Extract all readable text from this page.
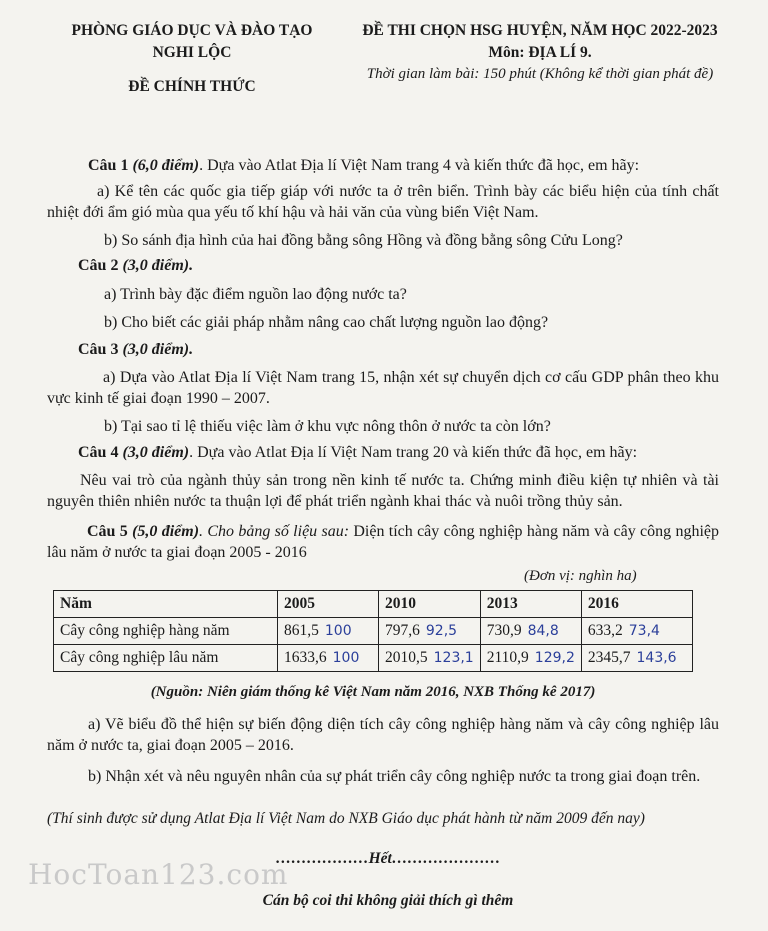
PHÒNG GIÁO DỤC VÀ ĐÀO TẠO
NGHI LỘC
ĐỀ CHÍNH THỨC
ĐỀ THI CHỌN HSG HUYỆN, NĂM HỌC 2022-2023
Môn: ĐỊA LÍ 9.
Thời gian làm bài: 150 phút (Không kể thời gian phát đề)
Câu 1 (6,0 điểm). Dựa vào Atlat Địa lí Việt Nam trang 4 và kiến thức đã học, em hãy:
a) Kể tên các quốc gia tiếp giáp với nước ta ở trên biển. Trình bày các biểu hiện của tính chất nhiệt đới ẩm gió mùa qua yếu tố khí hậu và hải văn của vùng biển Việt Nam.
b) So sánh địa hình của hai đồng bằng sông Hồng và đồng bằng sông Cửu Long?
Câu 2 (3,0 điểm).
a) Trình bày đặc điểm nguồn lao động nước ta?
b) Cho biết các giải pháp nhằm nâng cao chất lượng nguồn lao động?
Câu 3 (3,0 điểm).
a) Dựa vào Atlat Địa lí Việt Nam trang 15, nhận xét sự chuyển dịch cơ cấu GDP phân theo khu vực kinh tế giai đoạn 1990 – 2007.
b) Tại sao tỉ lệ thiếu việc làm ở khu vực nông thôn ở nước ta còn lớn?
Câu 4 (3,0 điểm). Dựa vào Atlat Địa lí Việt Nam trang 20 và kiến thức đã học, em hãy:
Nêu vai trò của ngành thủy sản trong nền kinh tế nước ta. Chứng minh điều kiện tự nhiên và tài nguyên thiên nhiên nước ta thuận lợi để phát triển ngành khai thác và nuôi trồng thủy sản.
Câu 5 (5,0 điểm). Cho bảng số liệu sau: Diện tích cây công nghiệp hàng năm và cây công nghiệp lâu năm ở nước ta giai đoạn 2005 - 2016
(Đơn vị: nghìn ha)
Năm	2005	2010	2013	2016
Cây công nghiệp hàng năm	861,5 100	797,6 92,5	730,9 84,8	633,2 73,4
Cây công nghiệp lâu năm	1633,6 100	2010,5 123,1	2110,9 129,2	2345,7 143,6
(Nguồn: Niên giám thống kê Việt Nam năm 2016, NXB Thống kê 2017)
a) Vẽ biểu đồ thể hiện sự biến động diện tích cây công nghiệp hàng năm và cây công nghiệp lâu năm ở nước ta, giai đoạn 2005 – 2016.
b) Nhận xét và nêu nguyên nhân của sự phát triển cây công nghiệp nước ta trong giai đoạn trên.
(Thí sinh được sử dụng Atlat Địa lí Việt Nam do NXB Giáo dục phát hành từ năm 2009 đến nay)
………………Hết…………………
Cán bộ coi thi không giải thích gì thêm
HocToan123.com
